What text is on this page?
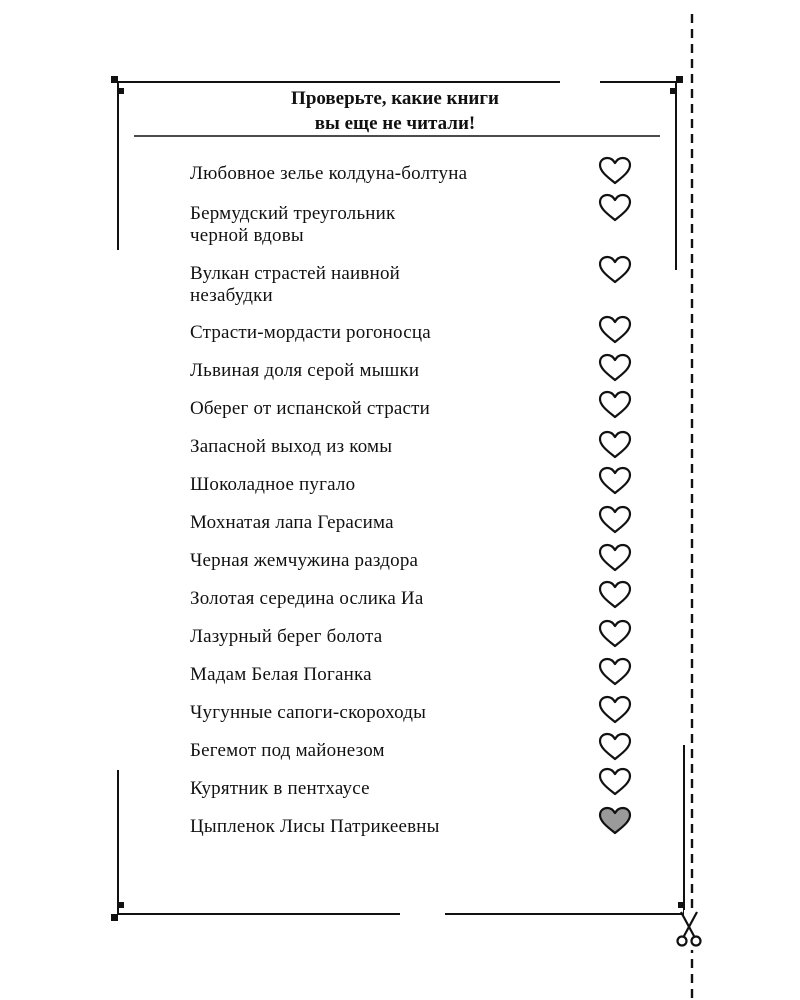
Проверьте, какие книги
вы еще не читали!
Любовное зелье колдуна-болтуна
Бермудский треугольник
черной вдовы
Вулкан страстей наивной
незабудки
Страсти-мордасти рогоносца
Львиная доля серой мышки
Оберег от испанской страсти
Запасной выход из комы
Шоколадное пугало
Мохнатая лапа Герасима
Черная жемчужина раздора
Золотая середина ослика Иа
Лазурный берег болота
Мадам Белая Поганка
Чугунные сапоги-скороходы
Бегемот под майонезом
Курятник в пентхаусе
Цыпленок Лисы Патрикеевны
